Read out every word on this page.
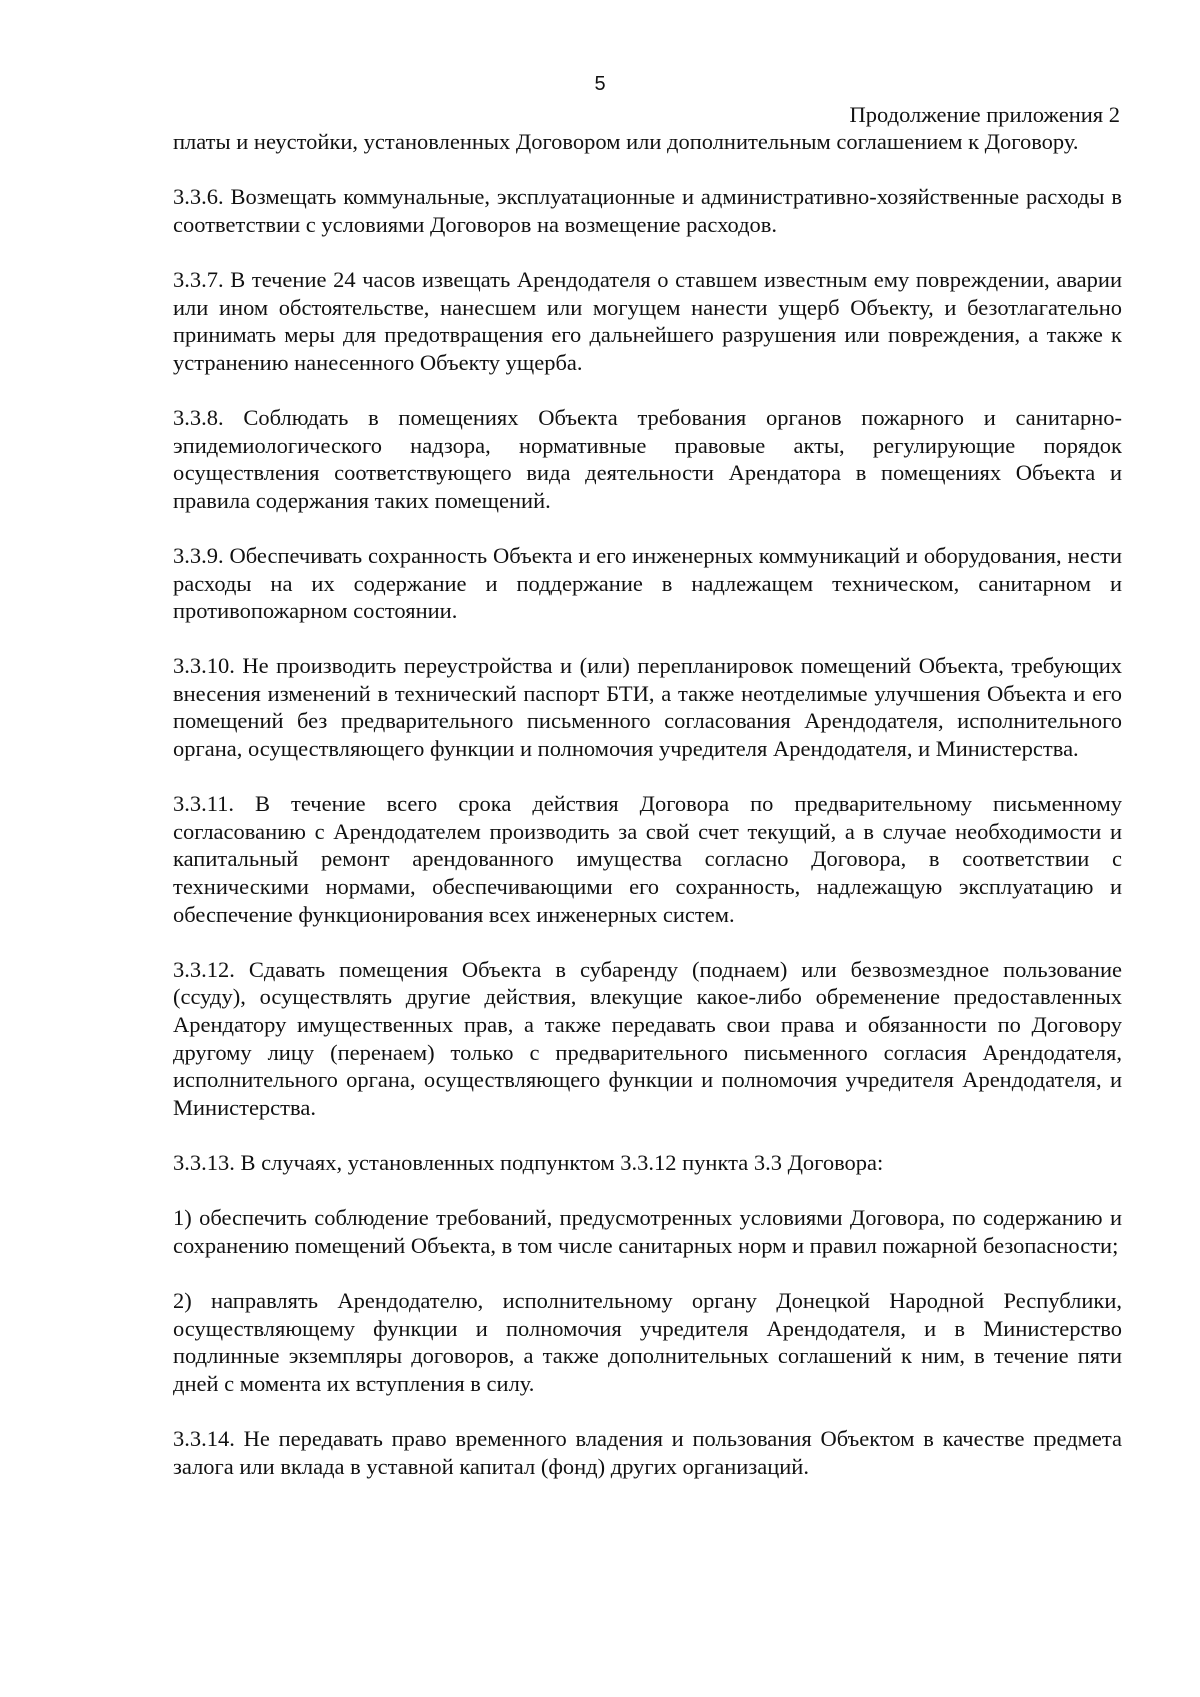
5
Продолжение приложения 2

платы и неустойки, установленных Договором или дополнительным соглашением к Договору.

3.3.6. Возмещать коммунальные, эксплуатационные и административно-хозяйственные расходы в соответствии с условиями Договоров на возмещение расходов.

3.3.7. В течение 24 часов извещать Арендодателя о ставшем известным ему повреждении, аварии или ином обстоятельстве, нанесшем или могущем нанести ущерб Объекту, и безотлагательно принимать меры для предотвращения его дальнейшего разрушения или повреждения, а также к устранению нанесенного Объекту ущерба.

3.3.8. Соблюдать в помещениях Объекта требования органов пожарного и санитарно-эпидемиологического надзора, нормативные правовые акты, регулирующие порядок осуществления соответствующего вида деятельности Арендатора в помещениях Объекта и правила содержания таких помещений.

3.3.9. Обеспечивать сохранность Объекта и его инженерных коммуникаций и оборудования, нести расходы на их содержание и поддержание в надлежащем техническом, санитарном и противопожарном состоянии.

3.3.10. Не производить переустройства и (или) перепланировок помещений Объекта, требующих внесения изменений в технический паспорт БТИ, а также неотделимые улучшения Объекта и его помещений без предварительного письменного согласования Арендодателя, исполнительного органа, осуществляющего функции и полномочия учредителя Арендодателя, и Министерства.

3.3.11. В течение всего срока действия Договора по предварительному письменному согласованию с Арендодателем производить за свой счет текущий, а в случае необходимости и капитальный ремонт арендованного имущества согласно Договора, в соответствии с техническими нормами, обеспечивающими его сохранность, надлежащую эксплуатацию и обеспечение функционирования всех инженерных систем.

3.3.12. Сдавать помещения Объекта в субаренду (поднаем) или безвозмездное пользование (ссуду), осуществлять другие действия, влекущие какое-либо обременение предоставленных Арендатору имущественных прав, а также передавать свои права и обязанности по Договору другому лицу (перенаем) только с предварительного письменного согласия Арендодателя, исполнительного органа, осуществляющего функции и полномочия учредителя Арендодателя, и Министерства.

3.3.13. В случаях, установленных подпунктом 3.3.12 пункта 3.3 Договора:

1) обеспечить соблюдение требований, предусмотренных условиями Договора, по содержанию и сохранению помещений Объекта, в том числе санитарных норм и правил пожарной безопасности;

2) направлять Арендодателю, исполнительному органу Донецкой Народной Республики, осуществляющему функции и полномочия учредителя Арендодателя, и в Министерство подлинные экземпляры договоров, а также дополнительных соглашений к ним, в течение пяти дней с момента их вступления в силу.

3.3.14. Не передавать право временного владения и пользования Объектом в качестве предмета залога или вклада в уставной капитал (фонд) других организаций.
